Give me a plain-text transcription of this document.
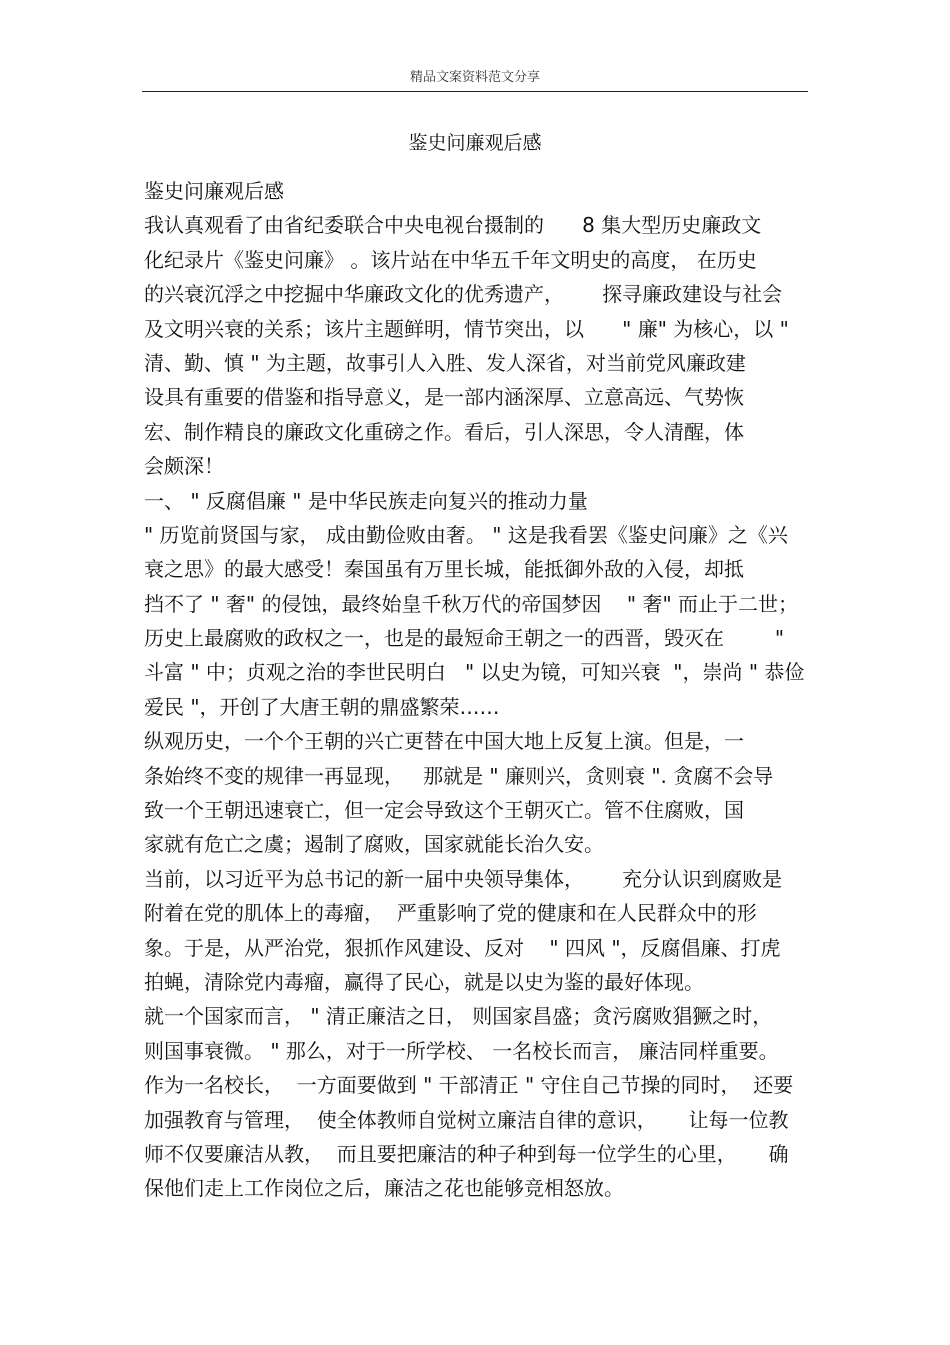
精品文案资料范文分享
鉴史问廉观后感
鉴史问廉观后感
我认真观看了由省纪委联合中央电视台摄制的      8 集大型历史廉政文
化纪录片《鉴史问廉》 。该片站在中华五千年文明史的高度， 在历史
的兴衰沉浮之中挖掘中华廉政文化的优秀遗产，      探寻廉政建设与社会
及文明兴衰的关系；该片主题鲜明，情节突出，以      " 廉" 为核心，以 "
清、勤、慎 " 为主题，故事引人入胜、发人深省，对当前党风廉政建
设具有重要的借鉴和指导意义，是一部内涵深厚、立意高远、气势恢
宏、制作精良的廉政文化重磅之作。看后，引人深思，令人清醒，体
会颇深！
一、 " 反腐倡廉 " 是中华民族走向复兴的推动力量
" 历览前贤国与家， 成由勤俭败由奢。 " 这是我看罢《鉴史问廉》之《兴
衰之思》的最大感受！秦国虽有万里长城，能抵御外敌的入侵，却抵
挡不了 " 奢" 的侵蚀，最终始皇千秋万代的帝国梦因    " 奢" 而止于二世；
历史上最腐败的政权之一，也是的最短命王朝之一的西晋，毁灭在        "
斗富 " 中；贞观之治的李世民明白   " 以史为镜，可知兴衰  "，崇尚 " 恭俭
爱民 "，开创了大唐王朝的鼎盛繁荣……
纵观历史，一个个王朝的兴亡更替在中国大地上反复上演。但是，一
条始终不变的规律一再显现，   那就是 " 廉则兴，贪则衰 ". 贪腐不会导
致一个王朝迅速衰亡，但一定会导致这个王朝灭亡。管不住腐败，国
家就有危亡之虞；遏制了腐败，国家就能长治久安。
当前，以习近平为总书记的新一届中央领导集体，      充分认识到腐败是
附着在党的肌体上的毒瘤，  严重影响了党的健康和在人民群众中的形
象。于是，从严治党，狠抓作风建设、反对    " 四风 "，反腐倡廉、打虎
拍蝇，清除党内毒瘤，赢得了民心，就是以史为鉴的最好体现。
就一个国家而言， " 清正廉洁之日， 则国家昌盛；贪污腐败猖獗之时，
则国事衰微。 " 那么，对于一所学校、 一名校长而言， 廉洁同样重要。
作为一名校长，  一方面要做到 " 干部清正 " 守住自己节操的同时，  还要
加强教育与管理，  使全体教师自觉树立廉洁自律的意识，     让每一位教
师不仅要廉洁从教，  而且要把廉洁的种子种到每一位学生的心里，     确
保他们走上工作岗位之后，廉洁之花也能够竞相怒放。
